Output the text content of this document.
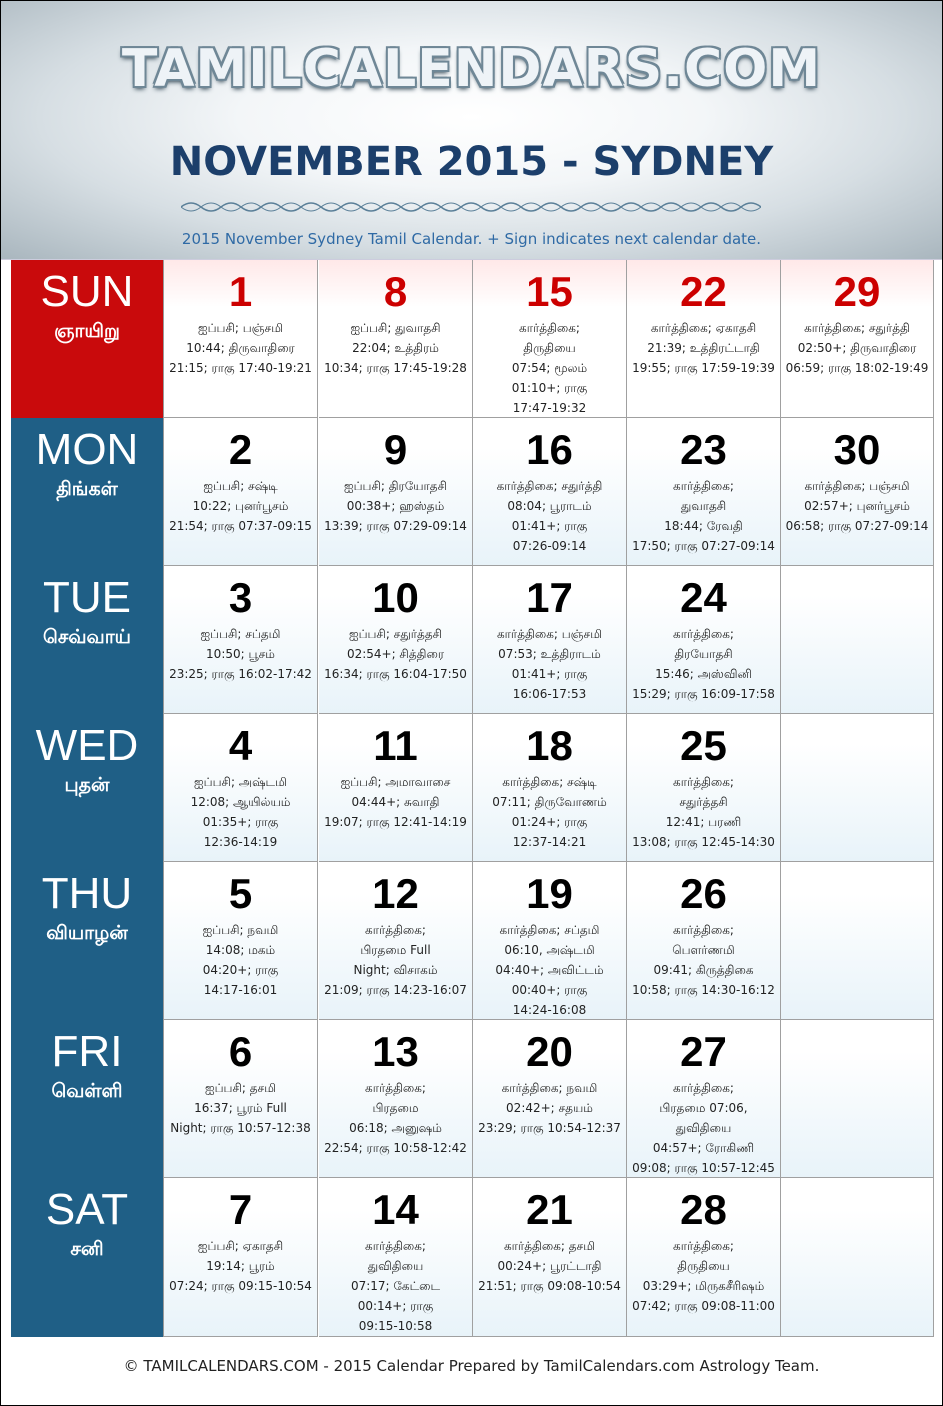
TAMILCALENDARS.COM
NOVEMBER 2015 - SYDNEY
2015 November Sydney Tamil Calendar. + Sign indicates next calendar date.
SUN
ஞாயிறு
1
ஐப்பசி; பஞ்சமி
10:44; திருவாதிரை
21:15; ராகு 17:40-19:21
8
ஐப்பசி; துவாதசி
22:04; உத்திரம்
10:34; ராகு 17:45-19:28
15
கார்த்திகை;
திருதியை
07:54; மூலம்
01:10+; ராகு
17:47-19:32
22
கார்த்திகை; ஏகாதசி
21:39; உத்திரட்டாதி
19:55; ராகு 17:59-19:39
29
கார்த்திகை; சதுர்த்தி
02:50+; திருவாதிரை
06:59; ராகு 18:02-19:49
MON
திங்கள்
2
ஐப்பசி; சஷ்டி
10:22; புனர்பூசம்
21:54; ராகு 07:37-09:15
9
ஐப்பசி; திரயோதசி
00:38+; ஹஸ்தம்
13:39; ராகு 07:29-09:14
16
கார்த்திகை; சதுர்த்தி
08:04; பூராடம்
01:41+; ராகு
07:26-09:14
23
கார்த்திகை;
துவாதசி
18:44; ரேவதி
17:50; ராகு 07:27-09:14
30
கார்த்திகை; பஞ்சமி
02:57+; புனர்பூசம்
06:58; ராகு 07:27-09:14
TUE
செவ்வாய்
3
ஐப்பசி; சப்தமி
10:50; பூசம்
23:25; ராகு 16:02-17:42
10
ஐப்பசி; சதுர்த்தசி
02:54+; சித்திரை
16:34; ராகு 16:04-17:50
17
கார்த்திகை; பஞ்சமி
07:53; உத்திராடம்
01:41+; ராகு
16:06-17:53
24
கார்த்திகை;
திரயோதசி
15:46; அஸ்வினி
15:29; ராகு 16:09-17:58
WED
புதன்
4
ஐப்பசி; அஷ்டமி
12:08; ஆயில்யம்
01:35+; ராகு
12:36-14:19
11
ஐப்பசி; அமாவாசை
04:44+; சுவாதி
19:07; ராகு 12:41-14:19
18
கார்த்திகை; சஷ்டி
07:11; திருவோணம்
01:24+; ராகு
12:37-14:21
25
கார்த்திகை;
சதுர்த்தசி
12:41; பரணி
13:08; ராகு 12:45-14:30
THU
வியாழன்
5
ஐப்பசி; நவமி
14:08; மகம்
04:20+; ராகு
14:17-16:01
12
கார்த்திகை;
பிரதமை Full
Night; விசாகம்
21:09; ராகு 14:23-16:07
19
கார்த்திகை; சப்தமி
06:10, அஷ்டமி
04:40+; அவிட்டம்
00:40+; ராகு
14:24-16:08
26
கார்த்திகை;
பௌர்ணமி
09:41; கிருத்திகை
10:58; ராகு 14:30-16:12
FRI
வெள்ளி
6
ஐப்பசி; தசமி
16:37; பூரம் Full
Night; ராகு 10:57-12:38
13
கார்த்திகை;
பிரதமை
06:18; அனுஷம்
22:54; ராகு 10:58-12:42
20
கார்த்திகை; நவமி
02:42+; சதயம்
23:29; ராகு 10:54-12:37
27
கார்த்திகை;
பிரதமை 07:06,
துவிதியை
04:57+; ரோகிணி
09:08; ராகு 10:57-12:45
SAT
சனி
7
ஐப்பசி; ஏகாதசி
19:14; பூரம்
07:24; ராகு 09:15-10:54
14
கார்த்திகை;
துவிதியை
07:17; கேட்டை
00:14+; ராகு
09:15-10:58
21
கார்த்திகை; தசமி
00:24+; பூரட்டாதி
21:51; ராகு 09:08-10:54
28
கார்த்திகை;
திருதியை
03:29+; மிருகசீரிஷம்
07:42; ராகு 09:08-11:00
© TAMILCALENDARS.COM - 2015 Calendar Prepared by TamilCalendars.com Astrology Team.
